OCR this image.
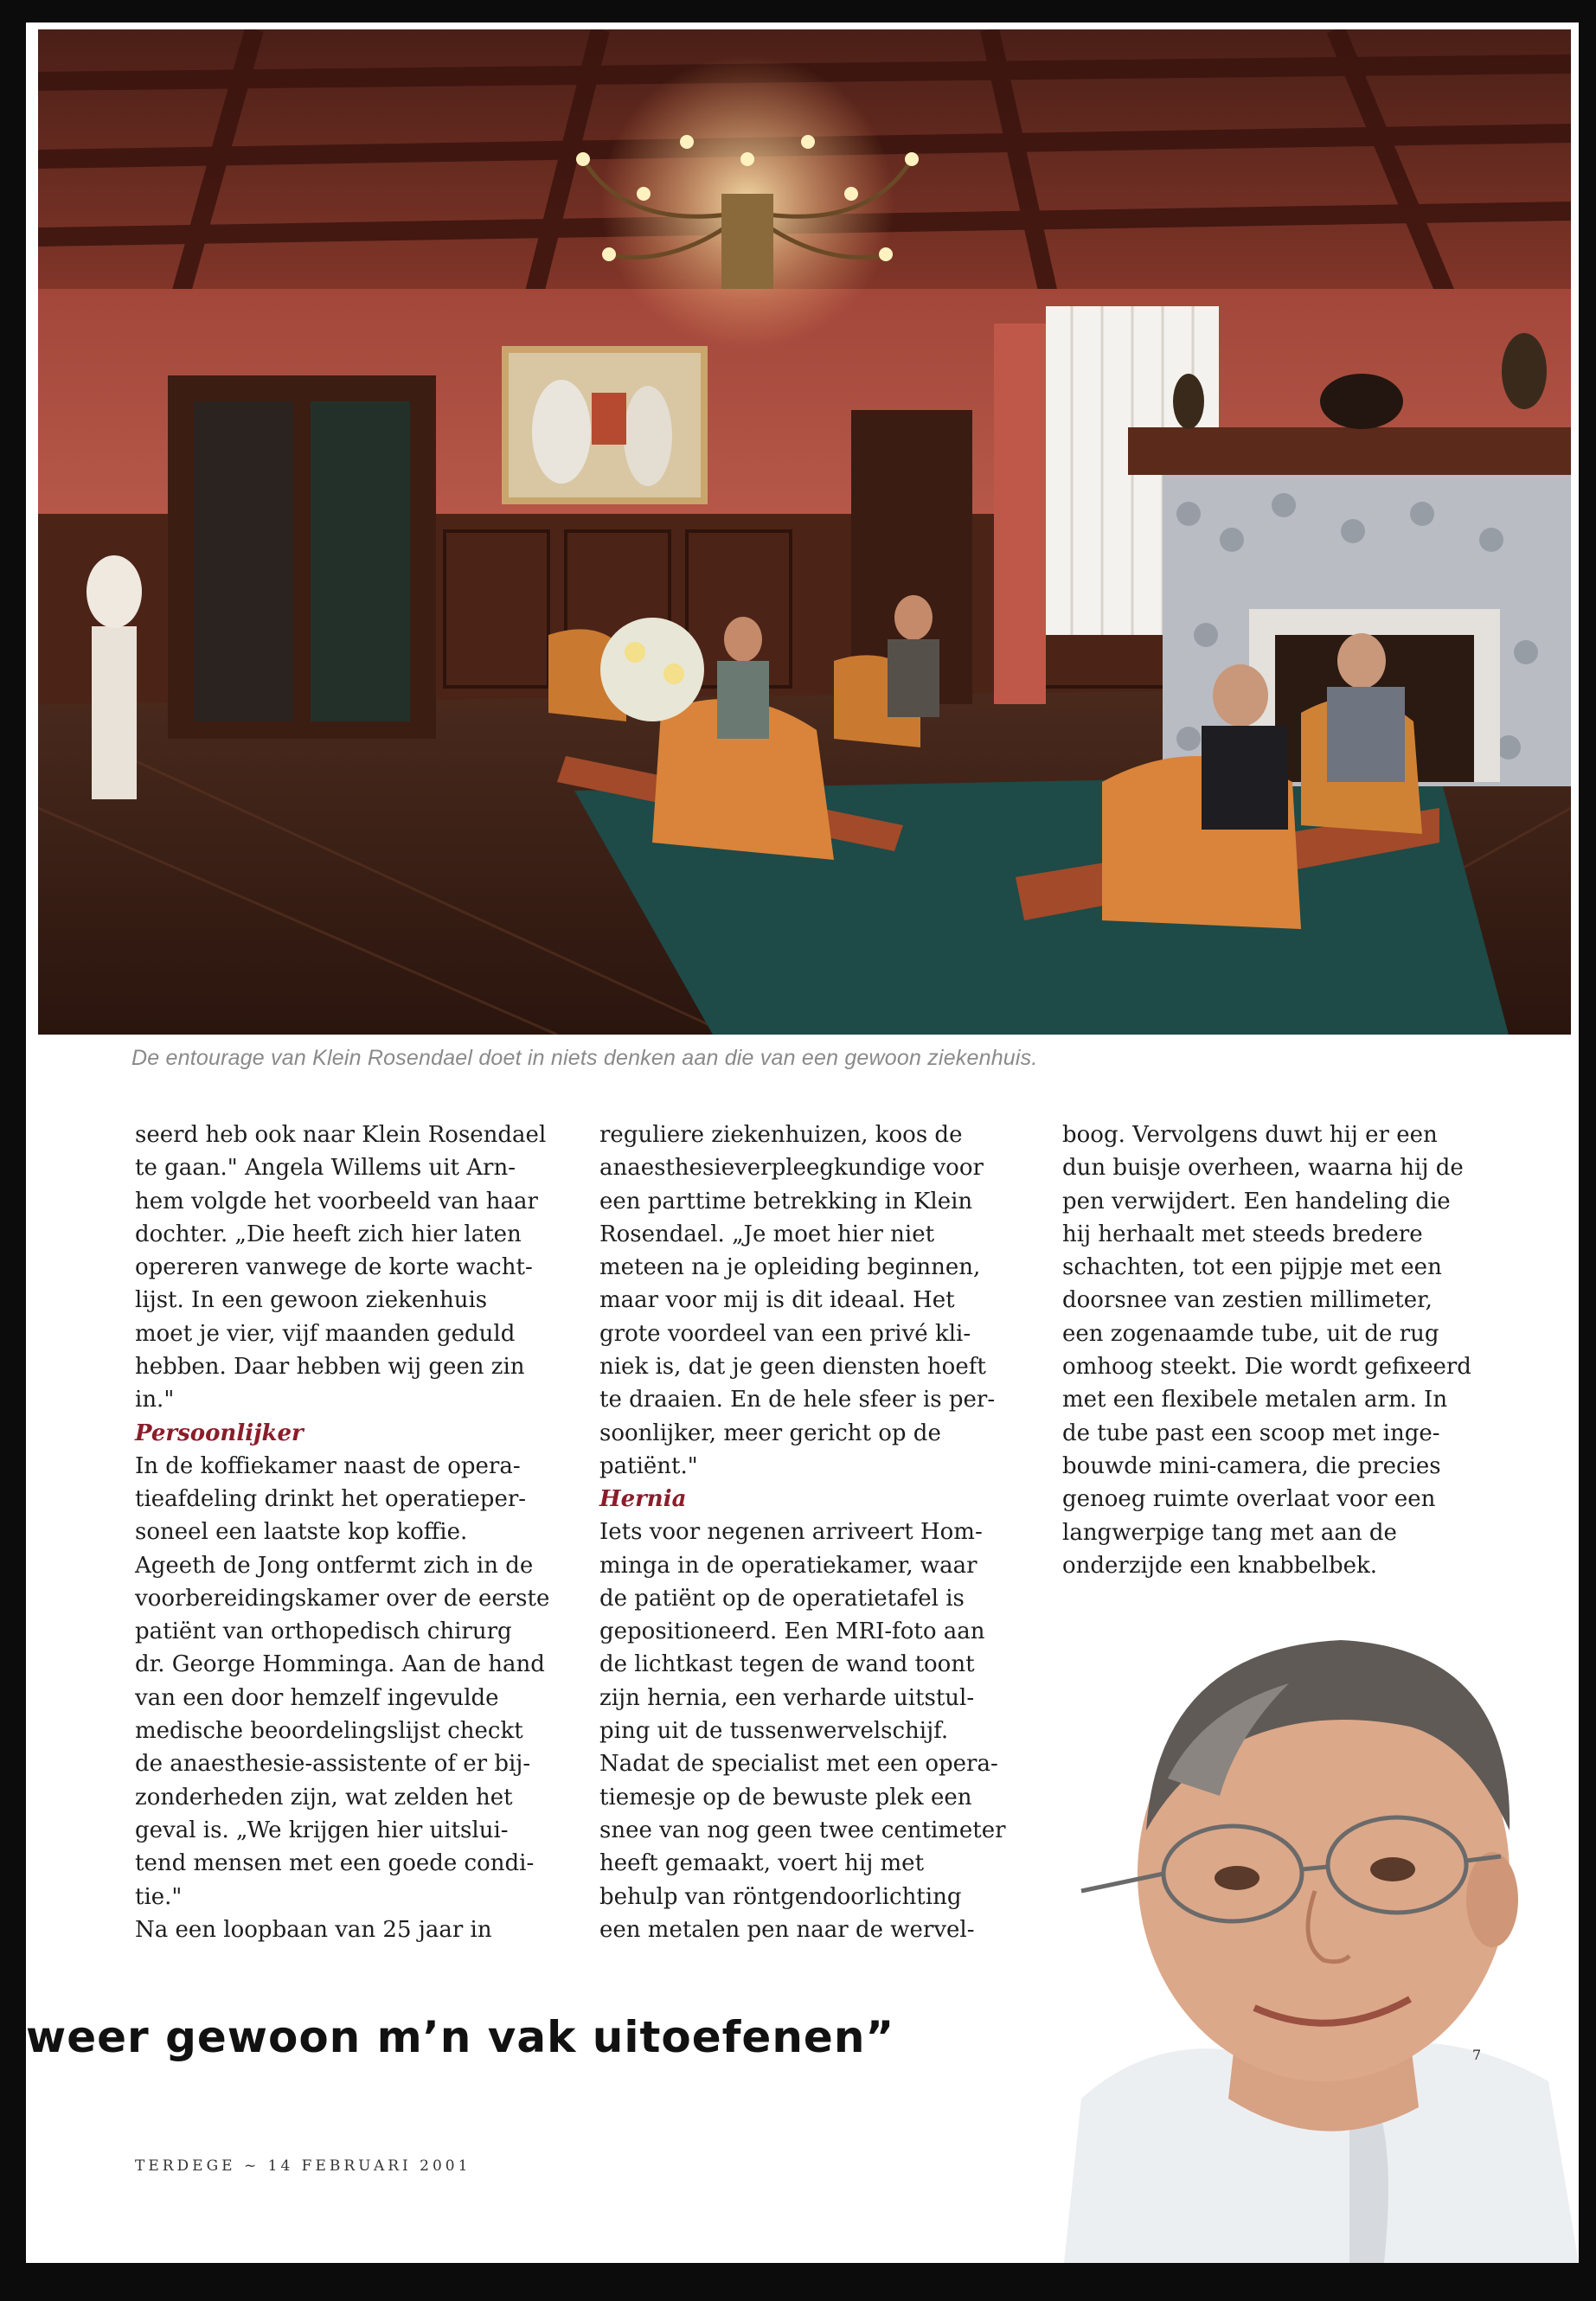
De entourage van Klein Rosendael doet in niets denken aan die van een gewoon ziekenhuis.

seerd heb ook naar Klein Rosendael
te gaan." Angela Willems uit Arn-
hem volgde het voorbeeld van haar
dochter. „Die heeft zich hier laten
opereren vanwege de korte wacht-
lijst. In een gewoon ziekenhuis
moet je vier, vijf maanden geduld
hebben. Daar hebben wij geen zin
in."

Persoonlijker

In de koffiekamer naast de opera-
tieafdeling drinkt het operatieper-
soneel een laatste kop koffie.
Ageeth de Jong ontfermt zich in de
voorbereidingskamer over de eerste
patiënt van orthopedisch chirurg
dr. George Homminga. Aan de hand
van een door hemzelf ingevulde
medische beoordelingslijst checkt
de anaesthesie-assistente of er bij-
zonderheden zijn, wat zelden het
geval is. „We krijgen hier uitslui-
tend mensen met een goede condi-
tie."
Na een loopbaan van 25 jaar in

reguliere ziekenhuizen, koos de
anaesthesieverpleegkundige voor
een parttime betrekking in Klein
Rosendael. „Je moet hier niet
meteen na je opleiding beginnen,
maar voor mij is dit ideaal. Het
grote voordeel van een privé kli-
niek is, dat je geen diensten hoeft
te draaien. En de hele sfeer is per-
soonlijker, meer gericht op de
patiënt."

Hernia

Iets voor negenen arriveert Hom-
minga in de operatiekamer, waar
de patiënt op de operatietafel is
gepositioneerd. Een MRI-foto aan
de lichtkast tegen de wand toont
zijn hernia, een verharde uitstul-
ping uit de tussenwervelschijf.
Nadat de specialist met een opera-
tiemesje op de bewuste plek een
snee van nog geen twee centimeter
heeft gemaakt, voert hij met
behulp van röntgendoorlichting
een metalen pen naar de wervel-

boog. Vervolgens duwt hij er een
dun buisje overheen, waarna hij de
pen verwijdert. Een handeling die
hij herhaalt met steeds bredere
schachten, tot een pijpje met een
doorsnee van zestien millimeter,
een zogenaamde tube, uit de rug
omhoog steekt. Die wordt gefixeerd
met een flexibele metalen arm. In
de tube past een scoop met inge-
bouwde mini-camera, die precies
genoeg ruimte overlaat voor een
langwerpige tang met aan de
onderzijde een knabbelbek.

weer gewoon m’n vak uitoefenen”
TERDEGE ~ 14 FEBRUARI 2001
7
